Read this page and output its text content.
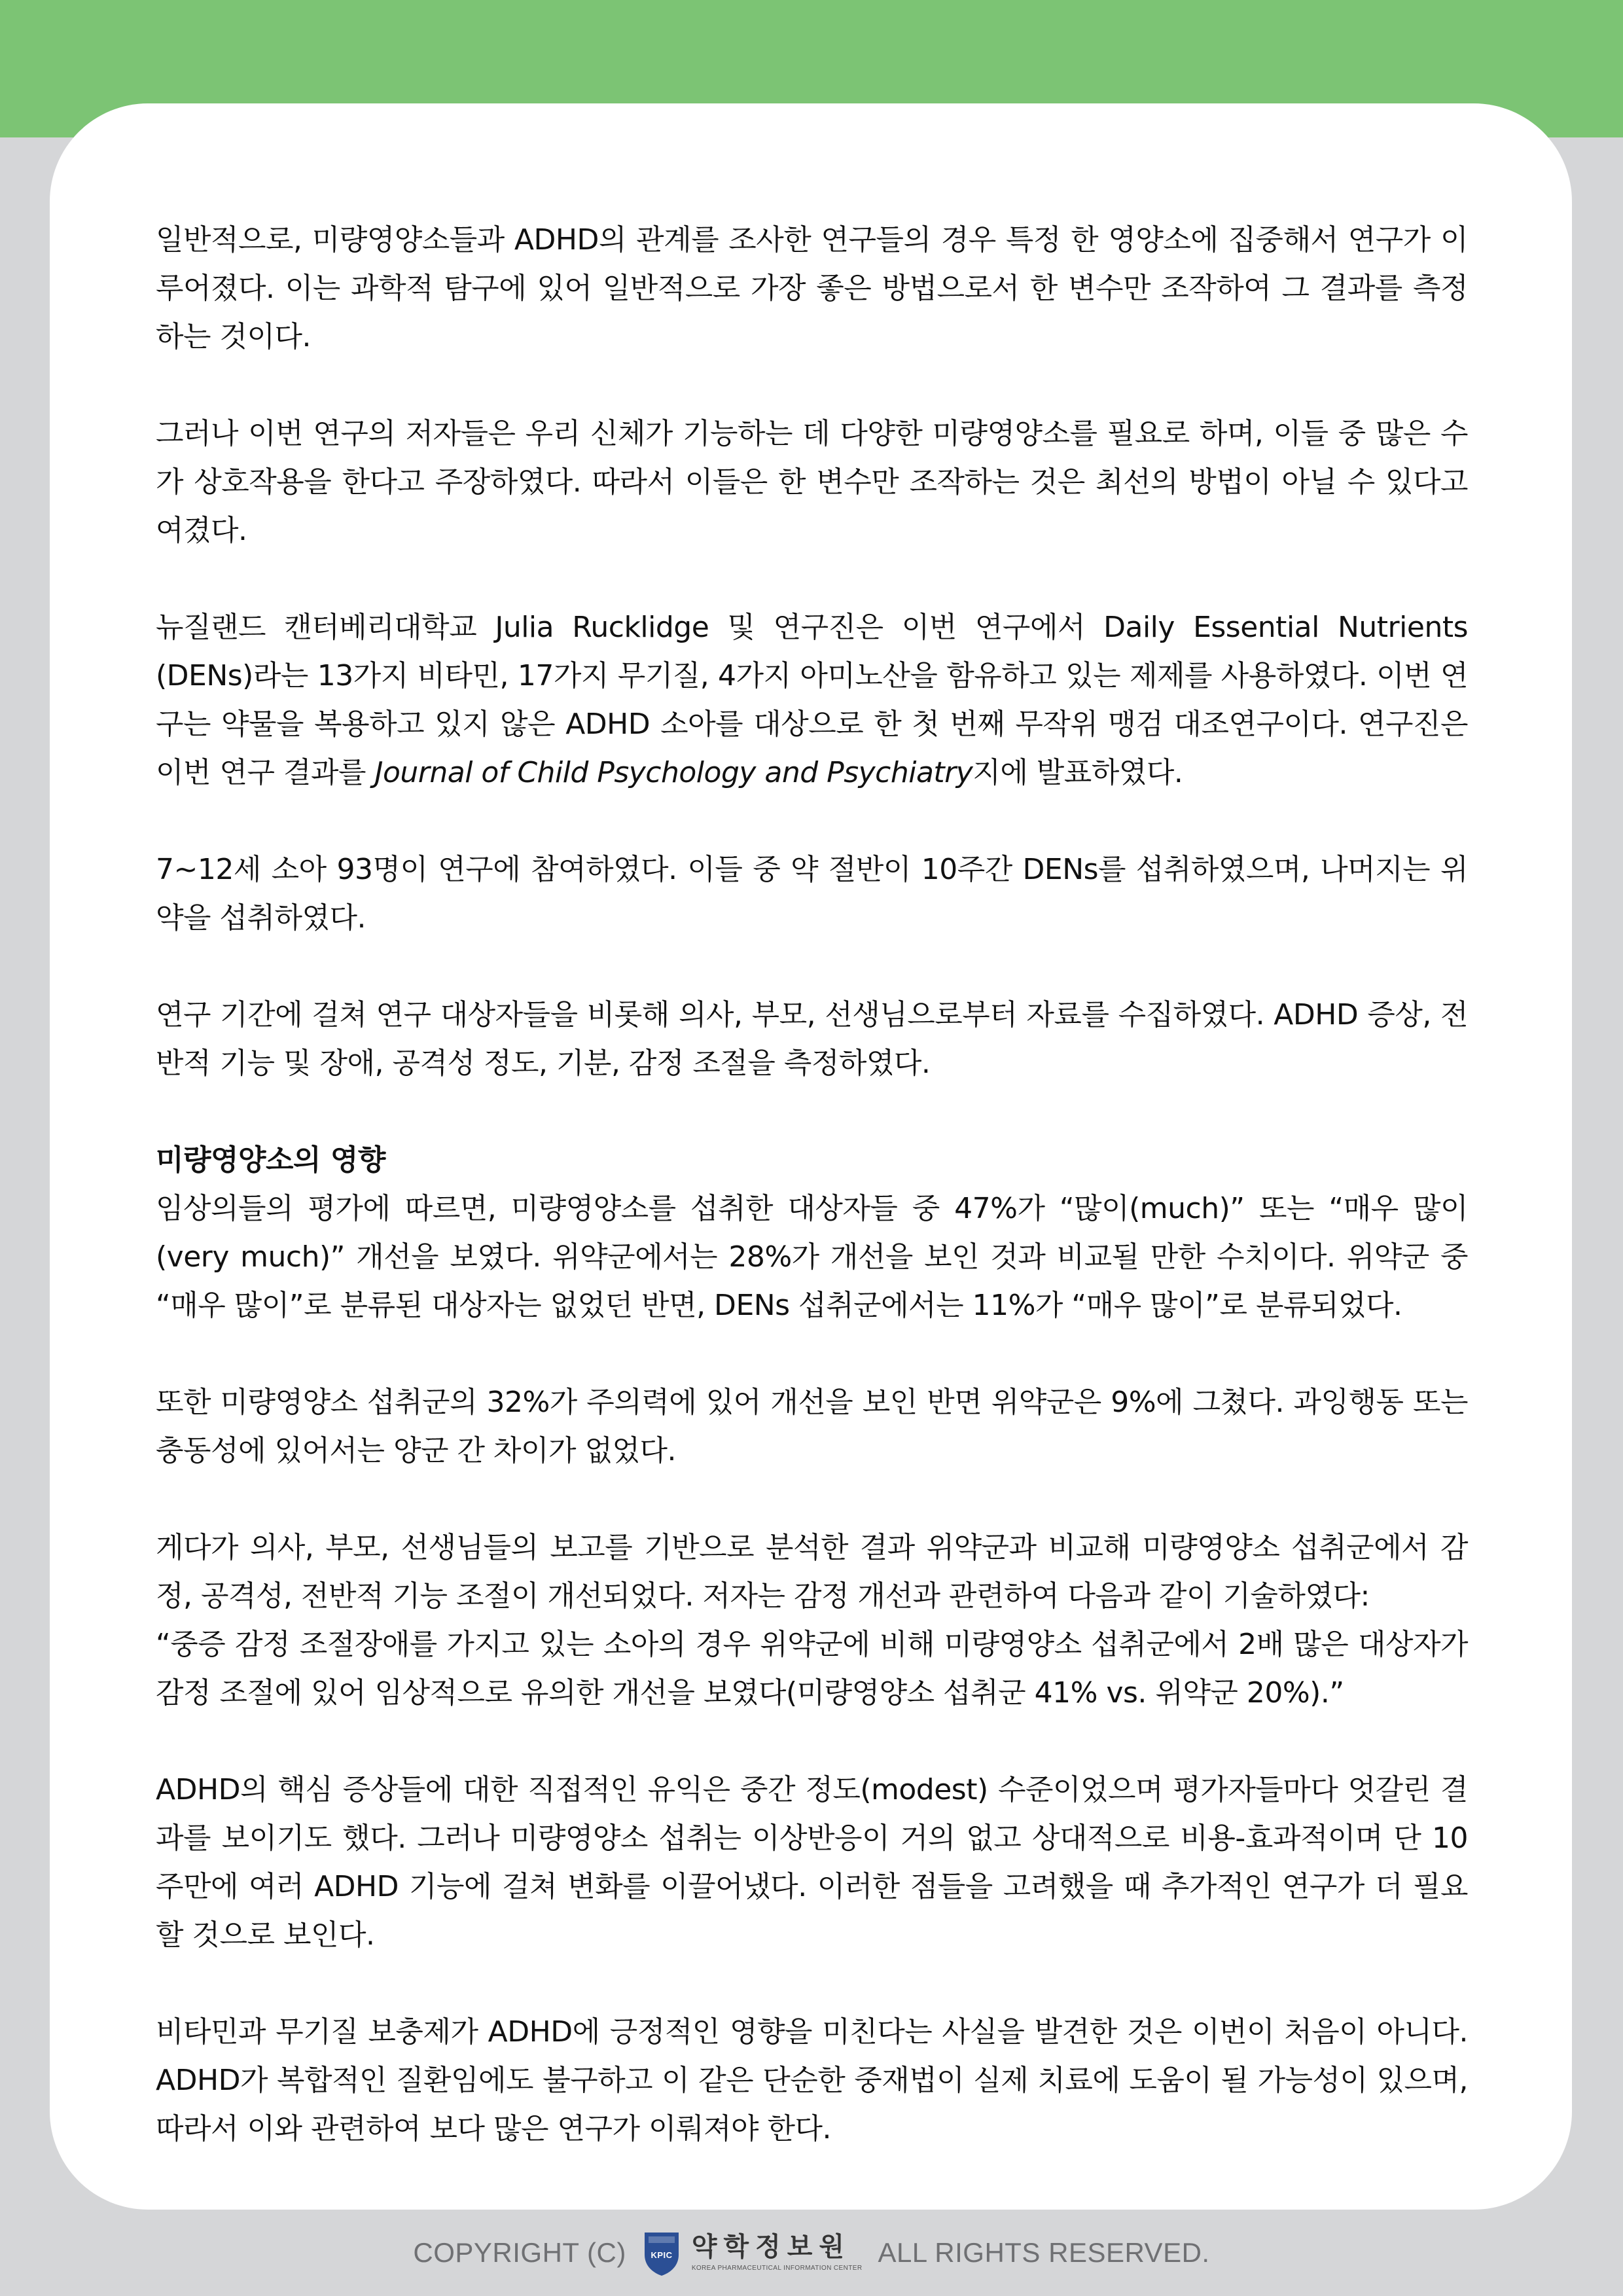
일반적으로, 미량영양소들과 ADHD의 관계를 조사한 연구들의 경우 특정 한 영양소에 집중해서 연구가 이루어졌다. 이는 과학적 탐구에 있어 일반적으로 가장 좋은 방법으로서 한 변수만 조작하여 그 결과를 측정하는 것이다.

그러나 이번 연구의 저자들은 우리 신체가 기능하는 데 다양한 미량영양소를 필요로 하며, 이들 중 많은 수가 상호작용을 한다고 주장하였다. 따라서 이들은 한 변수만 조작하는 것은 최선의 방법이 아닐 수 있다고 여겼다.

뉴질랜드 캔터베리대학교 Julia Rucklidge 및 연구진은 이번 연구에서 Daily Essential Nutrients (DENs)라는 13가지 비타민, 17가지 무기질, 4가지 아미노산을 함유하고 있는 제제를 사용하였다. 이번 연구는 약물을 복용하고 있지 않은 ADHD 소아를 대상으로 한 첫 번째 무작위 맹검 대조연구이다. 연구진은 이번 연구 결과를 Journal of Child Psychology and Psychiatry지에 발표하였다.

7~12세 소아 93명이 연구에 참여하였다. 이들 중 약 절반이 10주간 DENs를 섭취하였으며, 나머지는 위약을 섭취하였다.

연구 기간에 걸쳐 연구 대상자들을 비롯해 의사, 부모, 선생님으로부터 자료를 수집하였다. ADHD 증상, 전반적 기능 및 장애, 공격성 정도, 기분, 감정 조절을 측정하였다.

미량영양소의 영향

임상의들의 평가에 따르면, 미량영양소를 섭취한 대상자들 중 47%가 “많이(much)” 또는 “매우 많이(very much)” 개선을 보였다. 위약군에서는 28%가 개선을 보인 것과 비교될 만한 수치이다. 위약군 중 “매우 많이”로 분류된 대상자는 없었던 반면, DENs 섭취군에서는 11%가 “매우 많이”로 분류되었다.

또한 미량영양소 섭취군의 32%가 주의력에 있어 개선을 보인 반면 위약군은 9%에 그쳤다. 과잉행동 또는 충동성에 있어서는 양군 간 차이가 없었다.

게다가 의사, 부모, 선생님들의 보고를 기반으로 분석한 결과 위약군과 비교해 미량영양소 섭취군에서 감정, 공격성, 전반적 기능 조절이 개선되었다. 저자는 감정 개선과 관련하여 다음과 같이 기술하였다:

“중증 감정 조절장애를 가지고 있는 소아의 경우 위약군에 비해 미량영양소 섭취군에서 2배 많은 대상자가 감정 조절에 있어 임상적으로 유의한 개선을 보였다(미량영양소 섭취군 41% vs. 위약군 20%).”

ADHD의 핵심 증상들에 대한 직접적인 유익은 중간 정도(modest) 수준이었으며 평가자들마다 엇갈린 결과를 보이기도 했다. 그러나 미량영양소 섭취는 이상반응이 거의 없고 상대적으로 비용-효과적이며 단 10주만에 여러 ADHD 기능에 걸쳐 변화를 이끌어냈다. 이러한 점들을 고려했을 때 추가적인 연구가 더 필요할 것으로 보인다.

비타민과 무기질 보충제가 ADHD에 긍정적인 영향을 미친다는 사실을 발견한 것은 이번이 처음이 아니다. ADHD가 복합적인 질환임에도 불구하고 이 같은 단순한 중재법이 실제 치료에 도움이 될 가능성이 있으며, 따라서 이와 관련하여 보다 많은 연구가 이뤄져야 한다.

COPYRIGHT (C)	KPIC 약학정보원
KOREA PHARMACEUTICAL INFORMATION CENTER
ALL RIGHTS RESERVED.
